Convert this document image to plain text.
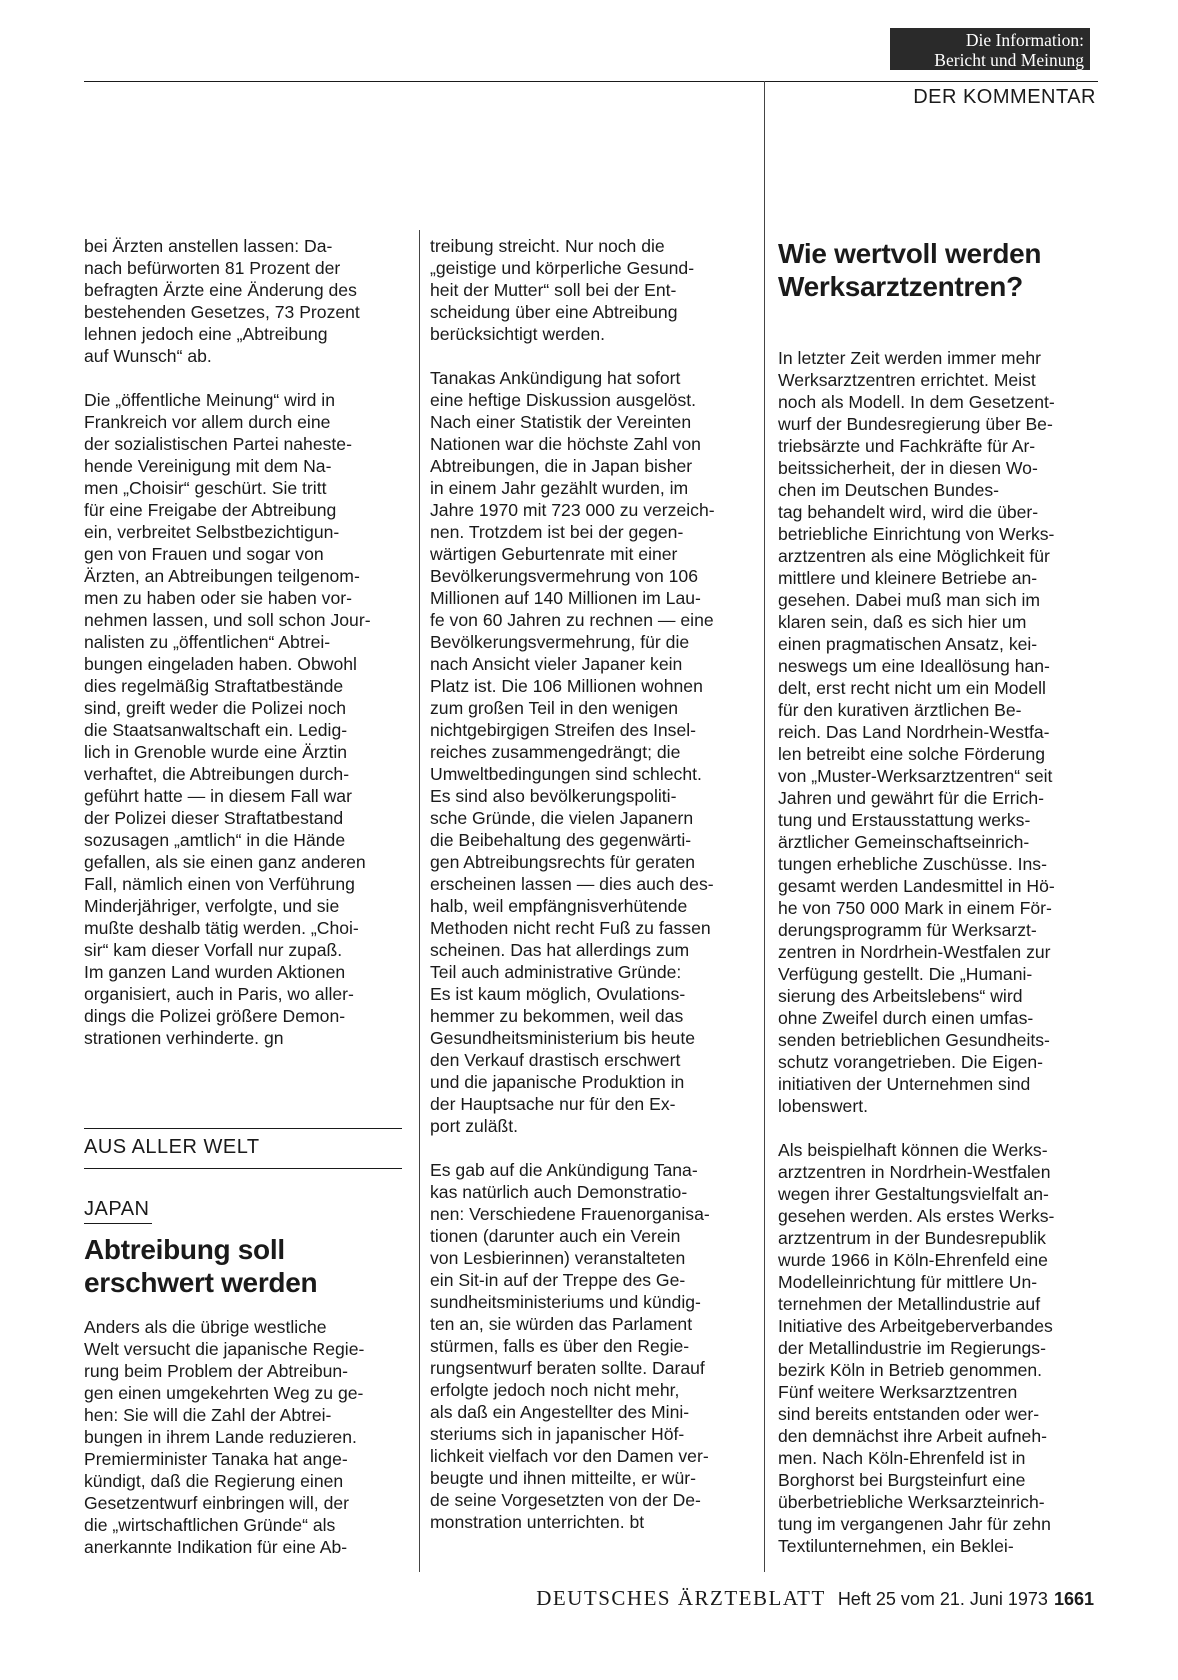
Die Information:
Bericht und Meinung
DER KOMMENTAR

bei Ärzten anstellen lassen: Da-
nach befürworten 81 Prozent der
befragten Ärzte eine Änderung des
bestehenden Gesetzes, 73 Prozent
lehnen jedoch eine „Abtreibung
auf Wunsch“ ab.

Die „öffentliche Meinung“ wird in
Frankreich vor allem durch eine
der sozialistischen Partei naheste-
hende Vereinigung mit dem Na-
men „Choisir“ geschürt. Sie tritt
für eine Freigabe der Abtreibung
ein, verbreitet Selbstbezichtigun-
gen von Frauen und sogar von
Ärzten, an Abtreibungen teilgenom-
men zu haben oder sie haben vor-
nehmen lassen, und soll schon Jour-
nalisten zu „öffentlichen“ Abtrei-
bungen eingeladen haben. Obwohl
dies regelmäßig Straftatbestände
sind, greift weder die Polizei noch
die Staatsanwaltschaft ein. Ledig-
lich in Grenoble wurde eine Ärztin
verhaftet, die Abtreibungen durch-
geführt hatte — in diesem Fall war
der Polizei dieser Straftatbestand
sozusagen „amtlich“ in die Hände
gefallen, als sie einen ganz anderen
Fall, nämlich einen von Verführung
Minderjähriger, verfolgte, und sie
mußte deshalb tätig werden. „Choi-
sir“ kam dieser Vorfall nur zupaß.
Im ganzen Land wurden Aktionen
organisiert, auch in Paris, wo aller-
dings die Polizei größere Demon-
strationen verhinderte. gn

AUS ALLER WELT
JAPAN
Abtreibung soll erschwert werden

Anders als die übrige westliche
Welt versucht die japanische Regie-
rung beim Problem der Abtreibun-
gen einen umgekehrten Weg zu ge-
hen: Sie will die Zahl der Abtrei-
bungen in ihrem Lande reduzieren.
Premierminister Tanaka hat ange-
kündigt, daß die Regierung einen
Gesetzentwurf einbringen will, der
die „wirtschaftlichen Gründe“ als
anerkannte Indikation für eine Ab-

treibung streicht. Nur noch die
„geistige und körperliche Gesund-
heit der Mutter“ soll bei der Ent-
scheidung über eine Abtreibung
berücksichtigt werden.

Tanakas Ankündigung hat sofort
eine heftige Diskussion ausgelöst.
Nach einer Statistik der Vereinten
Nationen war die höchste Zahl von
Abtreibungen, die in Japan bisher
in einem Jahr gezählt wurden, im
Jahre 1970 mit 723 000 zu verzeich-
nen. Trotzdem ist bei der gegen-
wärtigen Geburtenrate mit einer
Bevölkerungsvermehrung von 106
Millionen auf 140 Millionen im Lau-
fe von 60 Jahren zu rechnen — eine
Bevölkerungsvermehrung, für die
nach Ansicht vieler Japaner kein
Platz ist. Die 106 Millionen wohnen
zum großen Teil in den wenigen
nichtgebirgigen Streifen des Insel-
reiches zusammengedrängt; die
Umweltbedingungen sind schlecht.
Es sind also bevölkerungspoliti-
sche Gründe, die vielen Japanern
die Beibehaltung des gegenwärti-
gen Abtreibungsrechts für geraten
erscheinen lassen — dies auch des-
halb, weil empfängnisverhütende
Methoden nicht recht Fuß zu fassen
scheinen. Das hat allerdings zum
Teil auch administrative Gründe:
Es ist kaum möglich, Ovulations-
hemmer zu bekommen, weil das
Gesundheitsministerium bis heute
den Verkauf drastisch erschwert
und die japanische Produktion in
der Hauptsache nur für den Ex-
port zuläßt.

Es gab auf die Ankündigung Tana-
kas natürlich auch Demonstratio-
nen: Verschiedene Frauenorganisa-
tionen (darunter auch ein Verein
von Lesbierinnen) veranstalteten
ein Sit-in auf der Treppe des Ge-
sundheitsministeriums und kündig-
ten an, sie würden das Parlament
stürmen, falls es über den Regie-
rungsentwurf beraten sollte. Darauf
erfolgte jedoch noch nicht mehr,
als daß ein Angestellter des Mini-
steriums sich in japanischer Höf-
lichkeit vielfach vor den Damen ver-
beugte und ihnen mitteilte, er wür-
de seine Vorgesetzten von der De-
monstration unterrichten. bt

Wie wertvoll werden Werksarztzentren?

In letzter Zeit werden immer mehr
Werksarztzentren errichtet. Meist
noch als Modell. In dem Gesetzent-
wurf der Bundesregierung über Be-
triebsärzte und Fachkräfte für Ar-
beitssicherheit, der in diesen Wo-
chen im Deutschen Bundes-
tag behandelt wird, wird die über-
betriebliche Einrichtung von Werks-
arztzentren als eine Möglichkeit für
mittlere und kleinere Betriebe an-
gesehen. Dabei muß man sich im
klaren sein, daß es sich hier um
einen pragmatischen Ansatz, kei-
neswegs um eine Ideallösung han-
delt, erst recht nicht um ein Modell
für den kurativen ärztlichen Be-
reich. Das Land Nordrhein-Westfa-
len betreibt eine solche Förderung
von „Muster-Werksarztzentren“ seit
Jahren und gewährt für die Errich-
tung und Erstausstattung werks-
ärztlicher Gemeinschaftseinrich-
tungen erhebliche Zuschüsse. Ins-
gesamt werden Landesmittel in Hö-
he von 750 000 Mark in einem För-
derungsprogramm für Werksarzt-
zentren in Nordrhein-Westfalen zur
Verfügung gestellt. Die „Humani-
sierung des Arbeitslebens“ wird
ohne Zweifel durch einen umfas-
senden betrieblichen Gesundheits-
schutz vorangetrieben. Die Eigen-
initiativen der Unternehmen sind
lobenswert.

Als beispielhaft können die Werks-
arztzentren in Nordrhein-Westfalen
wegen ihrer Gestaltungsvielfalt an-
gesehen werden. Als erstes Werks-
arztzentrum in der Bundesrepublik
wurde 1966 in Köln-Ehrenfeld eine
Modelleinrichtung für mittlere Un-
ternehmen der Metallindustrie auf
Initiative des Arbeitgeberverbandes
der Metallindustrie im Regierungs-
bezirk Köln in Betrieb genommen.
Fünf weitere Werksarztzentren
sind bereits entstanden oder wer-
den demnächst ihre Arbeit aufneh-
men. Nach Köln-Ehrenfeld ist in
Borghorst bei Burgsteinfurt eine
überbetriebliche Werksarzteinrich-
tung im vergangenen Jahr für zehn
Textilunternehmen, ein Beklei-

DEUTSCHES ÄRZTEBLATT Heft 25 vom 21. Juni 1973 1661
